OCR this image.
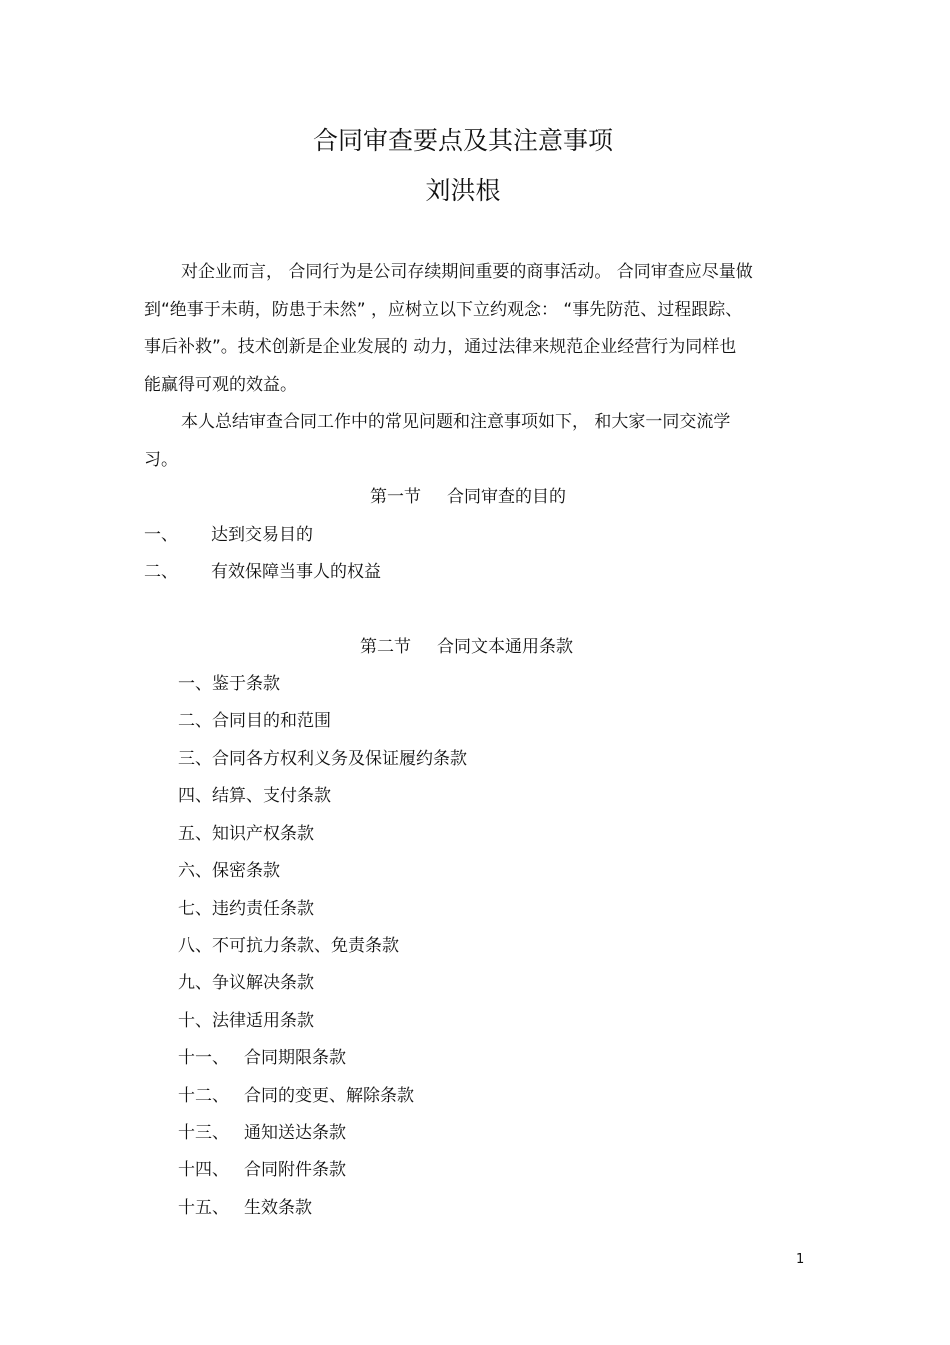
合同审查要点及其注意事项
刘洪根
对企业而言， 合同行为是公司存续期间重要的商事活动。 合同审查应尽量做
到“绝事于未萌，防患于未然” ，应树立以下立约观念： “事先防范、过程跟踪、
事后补救”。技术创新是企业发展的 动力，通过法律来规范企业经营行为同样也
能赢得可观的效益。
本人总结审查合同工作中的常见问题和注意事项如下， 和大家一同交流学
习。
第一节 合同审查的目的
一、 达到交易目的
二、 有效保障当事人的权益
第二节 合同文本通用条款
一、鉴于条款
二、合同目的和范围
三、合同各方权利义务及保证履约条款
四、结算、支付条款
五、知识产权条款
六、保密条款
七、违约责任条款
八、不可抗力条款、免责条款
九、争议解决条款
十、法律适用条款
十一、 合同期限条款
十二、 合同的变更、解除条款
十三、 通知送达条款
十四、 合同附件条款
十五、 生效条款
1
